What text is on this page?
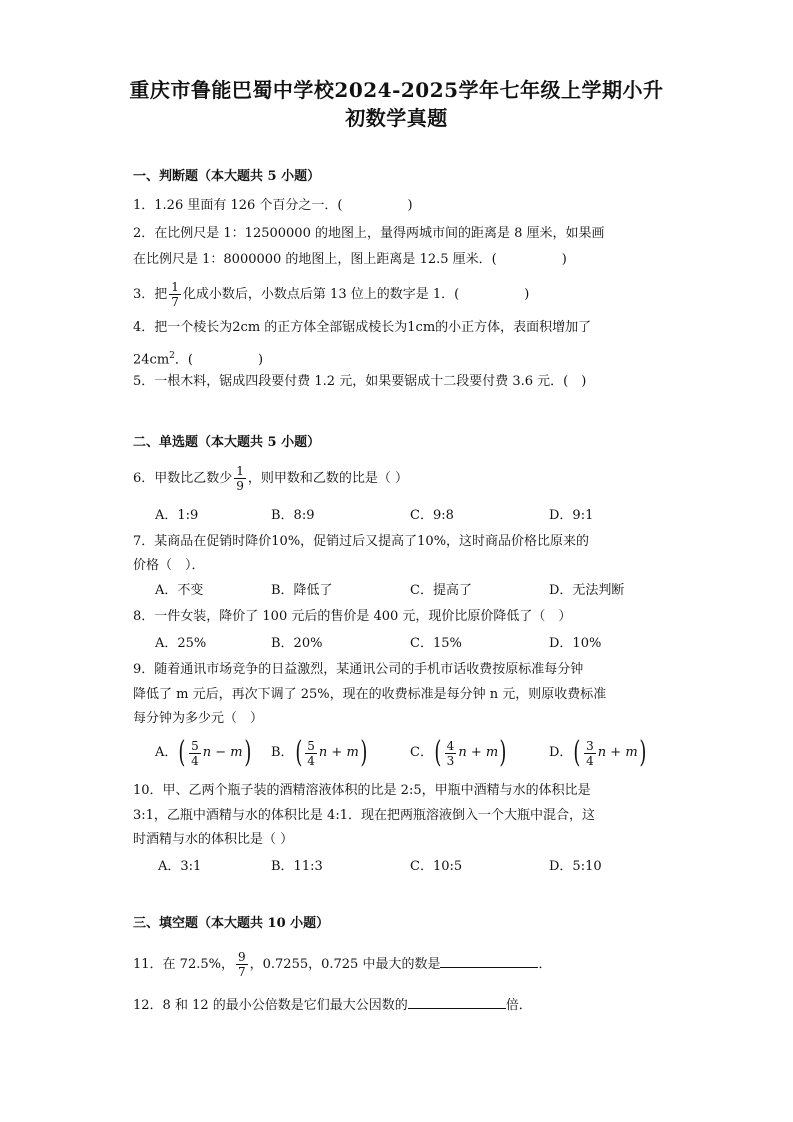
重庆市鲁能巴蜀中学校2024-2025学年七年级上学期小升
初数学真题
一、判断题（本大题共 5 小题）
1．1.26 里面有 126 个百分之一．(　　　　　)
2．在比例尺是 1：12500000 的地图上，量得两城市间的距离是 8 厘米，如果画
在比例尺是 1：8000000 的地图上，图上距离是 12.5 厘米．(　　　　　)
3．把 $\frac{1}{7}$ 化成小数后，小数点后第 13 位上的数字是 1．(　　　　　)
4．把一个棱长为2cm 的正方体全部锯成棱长为1cm的小正方体，表面积增加了
$24cm^2$．(　　　　　)
5．一根木料，锯成四段要付费 1.2 元，如果要锯成十二段要付费 3.6 元．(　)
二、单选题（本大题共 5 小题）
6．甲数比乙数少 $\frac{1}{9}$ ，则甲数和乙数的比是（ ）
A．1:9	B．8:9	C．9:8	D．9:1
7．某商品在促销时降价10%，促销过后又提高了10%，这时商品价格比原来的
价格（　）．
A．不变	B．降低了	C．提高了	D．无法判断
8．一件女装，降价了 100 元后的售价是 400 元，现价比原价降低了（　）
A．25%	B．20%	C．15%	D．10%
9．随着通讯市场竞争的日益激烈，某通讯公司的手机市话收费按原标准每分钟
降低了 m 元后，再次下调了 25%，现在的收费标准是每分钟 n 元，则原收费标准
每分钟为多少元（　）
A． ( $\frac{5}{4}$ n − m ) B． ( $\frac{5}{4}$ n + m )	C． ( $\frac{4}{3}$ n + m )	D． ( $\frac{3}{4}$ n + m )
10．甲、乙两个瓶子装的酒精溶液体积的比是 2:5，甲瓶中酒精与水的体积比是
3:1，乙瓶中酒精与水的体积比是 4:1．现在把两瓶溶液倒入一个大瓶中混合，这
时酒精与水的体积比是（ ）
A．3:1	B．11:3	C．10:5	D．5:10
三、填空题（本大题共 10 小题）
11．在 72.5%， $\frac{9}{7}$ ，0.7255，0.725 中最大的数是	．
12．8 和 12 的最小公倍数是它们最大公因数的	倍．
